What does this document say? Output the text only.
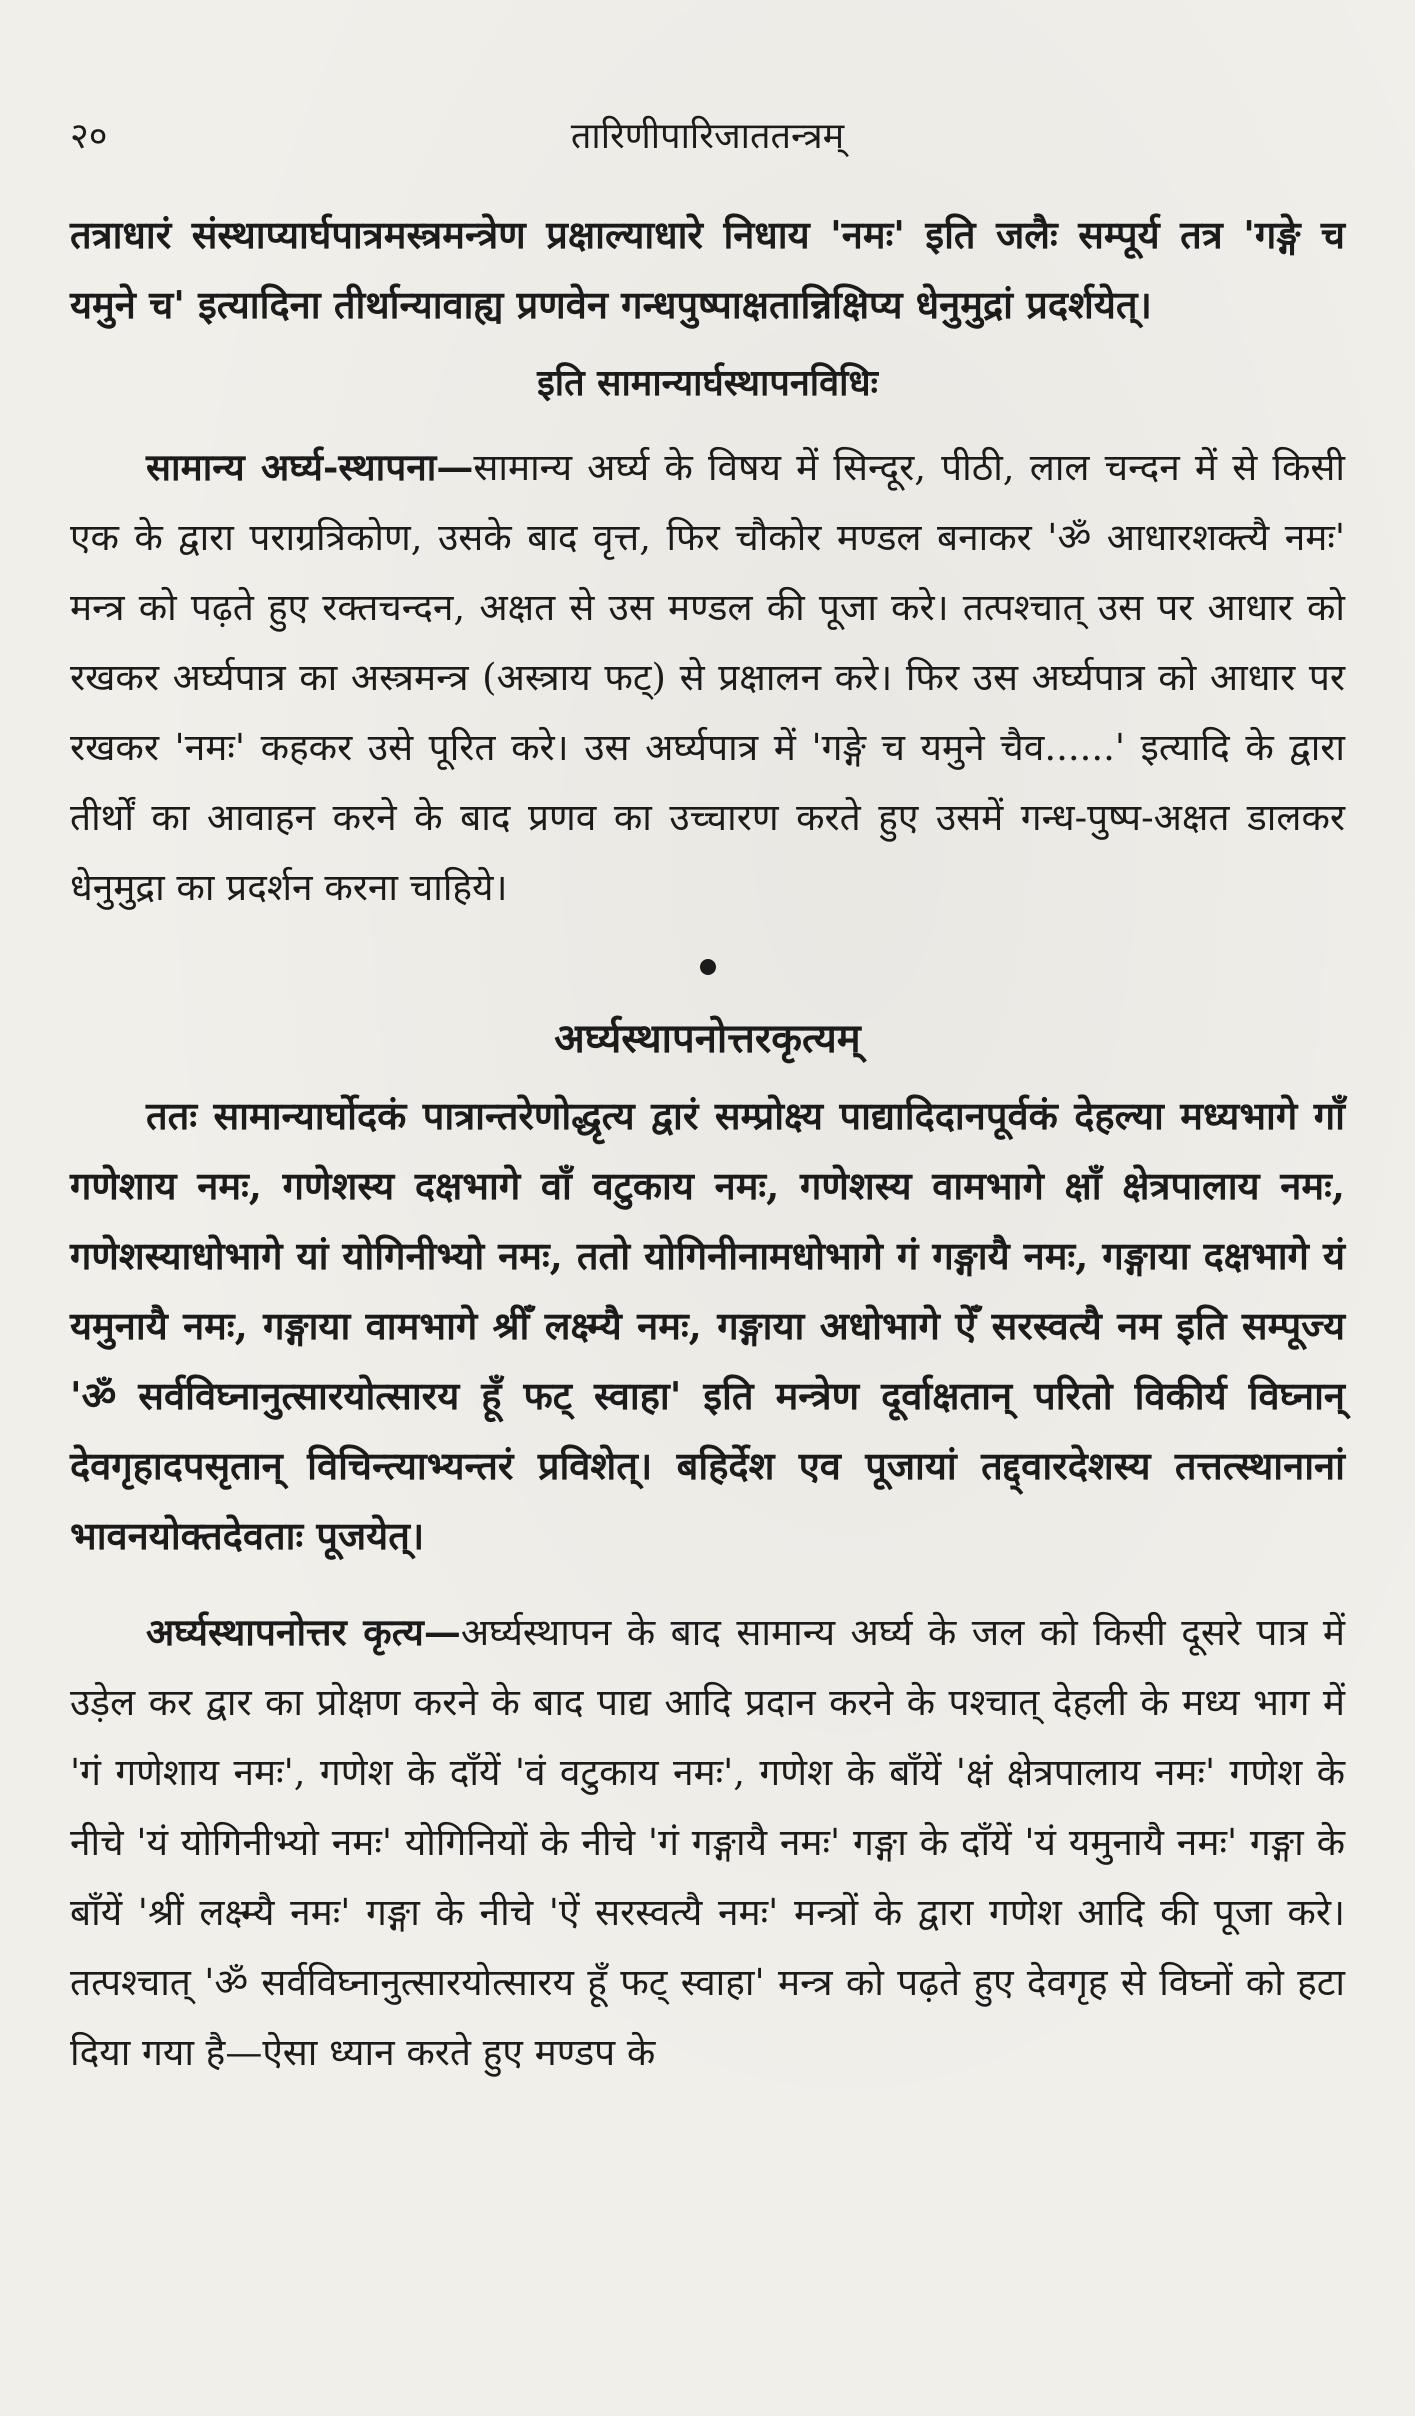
२०	तारिणीपारिजाततन्त्रम्

तत्राधारं संस्थाप्यार्घपात्रमस्त्रमन्त्रेण प्रक्षाल्याधारे निधाय 'नमः' इति जलैः सम्पूर्य तत्र 'गङ्गे च यमुने च' इत्यादिना तीर्थान्यावाह्य प्रणवेन गन्धपुष्पाक्षतान्निक्षिप्य धेनुमुद्रां प्रदर्शयेत्।

इति सामान्यार्घस्थापनविधिः

सामान्य अर्घ्य-स्थापना—सामान्य अर्घ्य के विषय में सिन्दूर, पीठी, लाल चन्दन में से किसी एक के द्वारा पराग्रत्रिकोण, उसके बाद वृत्त, फिर चौकोर मण्डल बनाकर 'ॐ आधारशक्त्यै नमः' मन्त्र को पढ़ते हुए रक्तचन्दन, अक्षत से उस मण्डल की पूजा करे। तत्पश्चात् उस पर आधार को रखकर अर्घ्यपात्र का अस्त्रमन्त्र (अस्त्राय फट्) से प्रक्षालन करे। फिर उस अर्घ्यपात्र को आधार पर रखकर 'नमः' कहकर उसे पूरित करे। उस अर्घ्यपात्र में 'गङ्गे च यमुने चैव......' इत्यादि के द्वारा तीर्थों का आवाहन करने के बाद प्रणव का उच्चारण करते हुए उसमें गन्ध-पुष्प-अक्षत डालकर धेनुमुद्रा का प्रदर्शन करना चाहिये।

अर्घ्यस्थापनोत्तरकृत्यम्

ततः सामान्यार्घोदकं पात्रान्तरेणोद्धृत्य द्वारं सम्प्रोक्ष्य पाद्यादिदानपूर्वकं देहल्या मध्यभागे गाँ गणेशाय नमः, गणेशस्य दक्षभागे वाँ वटुकाय नमः, गणेशस्य वामभागे क्षाँ क्षेत्रपालाय नमः, गणेशस्याधोभागे यां योगिनीभ्यो नमः, ततो योगिनीनामधोभागे गं गङ्गायै नमः, गङ्गाया दक्षभागे यं यमुनायै नमः, गङ्गाया वामभागे श्रीँ लक्ष्म्यै नमः, गङ्गाया अधोभागे ऐँ सरस्वत्यै नम इति सम्पूज्य 'ॐ सर्वविघ्नानुत्सारयोत्सारय हूँ फट् स्वाहा' इति मन्त्रेण दूर्वाक्षतान् परितो विकीर्य विघ्नान् देवगृहादपसृतान् विचिन्त्याभ्यन्तरं प्रविशेत्। बहिर्देश एव पूजायां तद्द्वारदेशस्य तत्तत्स्थानानां भावनयोक्तदेवताः पूजयेत्।

अर्घ्यस्थापनोत्तर कृत्य—अर्घ्यस्थापन के बाद सामान्य अर्घ्य के जल को किसी दूसरे पात्र में उड़ेल कर द्वार का प्रोक्षण करने के बाद पाद्य आदि प्रदान करने के पश्चात् देहली के मध्य भाग में 'गं गणेशाय नमः', गणेश के दाँयें 'वं वटुकाय नमः', गणेश के बाँयें 'क्षं क्षेत्रपालाय नमः' गणेश के नीचे 'यं योगिनीभ्यो नमः' योगिनियों के नीचे 'गं गङ्गायै नमः' गङ्गा के दाँयें 'यं यमुनायै नमः' गङ्गा के बाँयें 'श्रीं लक्ष्म्यै नमः' गङ्गा के नीचे 'ऐं सरस्वत्यै नमः' मन्त्रों के द्वारा गणेश आदि की पूजा करे। तत्पश्चात् 'ॐ सर्वविघ्नानुत्सारयोत्सारय हूँ फट् स्वाहा' मन्त्र को पढ़ते हुए देवगृह से विघ्नों को हटा दिया गया है—ऐसा ध्यान करते हुए मण्डप के
